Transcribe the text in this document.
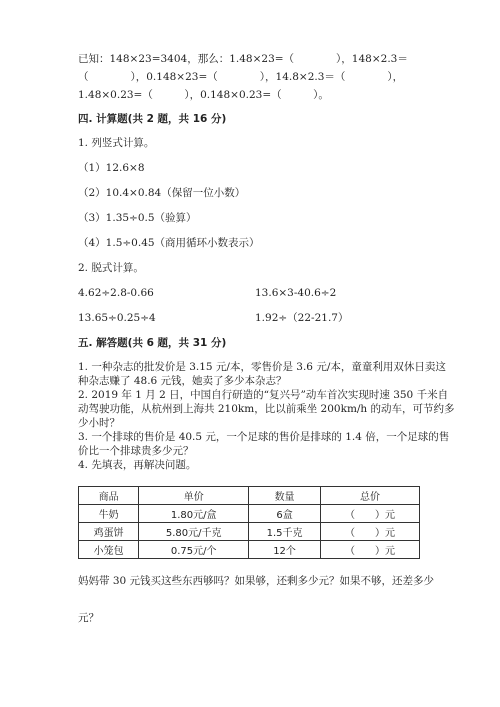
已知：148×23=3404，那么：1.48×23=（　　　　），148×2.3＝
（　　　　），0.148×23=（　　　　），14.8×2.3＝（　　　　），
1.48×0.23=（　　　），0.148×0.23=（　　　）。
四. 计算题(共 2 题，共 16 分)
1. 列竖式计算。
（1）12.6×8
（2）10.4×0.84（保留一位小数）
（3）1.35÷0.5（验算）
（4）1.5÷0.45（商用循环小数表示）
2. 脱式计算。
4.62÷2.8-0.66	13.6×3-40.6÷2
13.65÷0.25÷4	1.92÷（22-21.7）
五. 解答题(共 6 题，共 31 分)
1. 一种杂志的批发价是 3.15 元/本，零售价是 3.6 元/本，童童利用双休日卖这
种杂志赚了 48.6 元钱，她卖了多少本杂志？
2. 2019 年 1 月 2 日，中国自行研造的“复兴号”动车首次实现时速 350 千米自
动驾驶功能，从杭州到上海共 210km，比以前乘坐 200km/h 的动车，可节约多
少小时？
3. 一个排球的售价是 40.5 元，一个足球的售价是排球的 1.4 倍，一个足球的售
价比一个排球贵多少元？
4. 先填表，再解决问题。
商品	单价	数量	总价
牛奶	1.80元/盒	6盒	（　　）元
鸡蛋饼	5.80元/千克	1.5千克	（　　）元
小笼包	0.75元/个	12个	（　　）元
妈妈带 30 元钱买这些东西够吗？如果够，还剩多少元？如果不够，还差多少
元？
